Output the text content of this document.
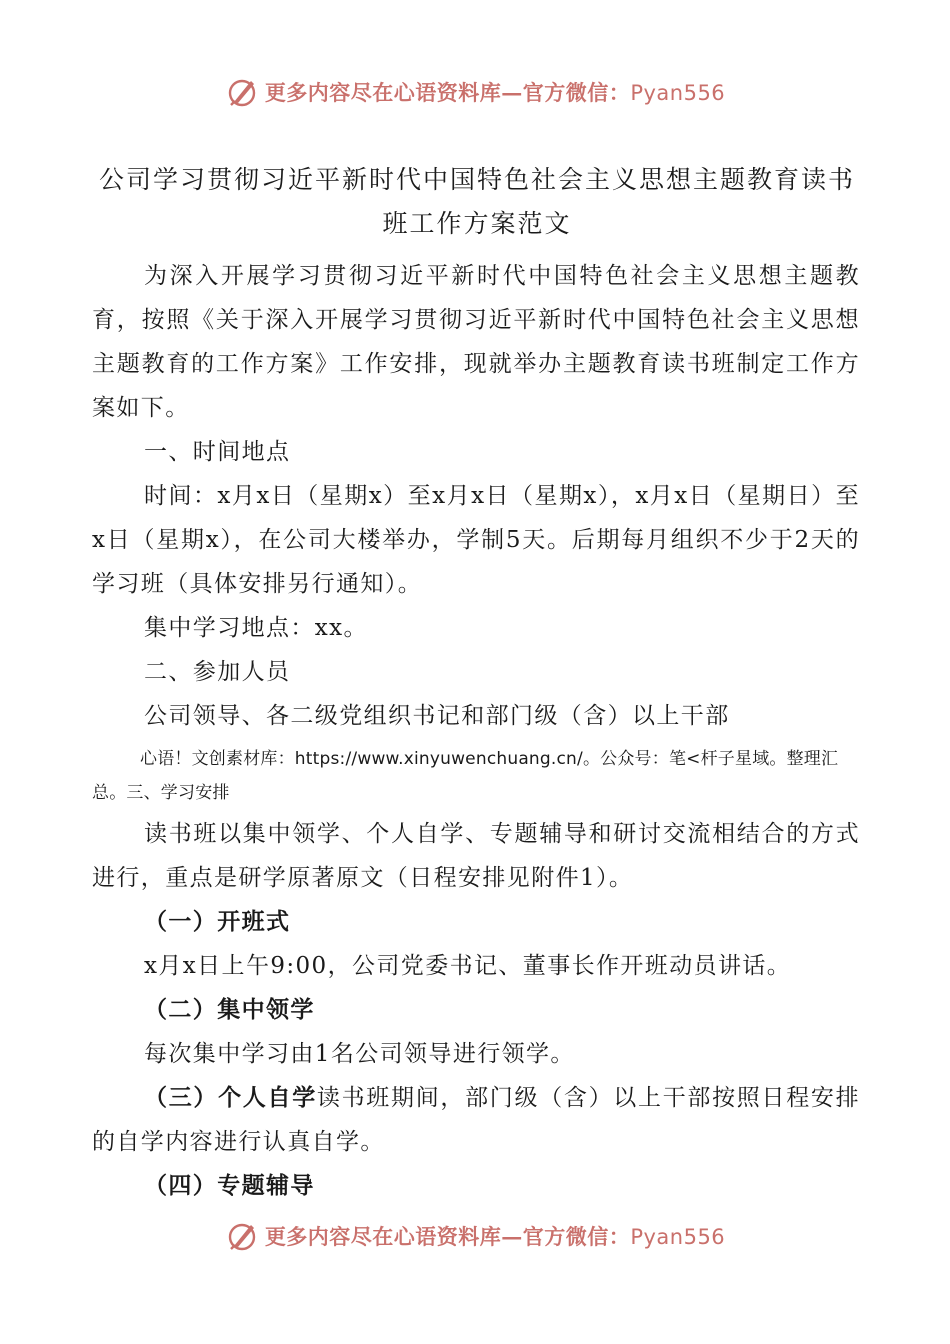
更多内容尽在心语资料库—官方微信：Pyan556
公司学习贯彻习近平新时代中国特色社会主义思想主题教育读书班工作方案范文

为深入开展学习贯彻习近平新时代中国特色社会主义思想主题教育，按照《关于深入开展学习贯彻习近平新时代中国特色社会主义思想主题教育的工作方案》工作安排，现就举办主题教育读书班制定工作方案如下。

一、时间地点

时间：x月x日（星期x）至x月x日（星期x），x月x日（星期日）至x日（星期x），在公司大楼举办，学制5天。后期每月组织不少于2天的学习班（具体安排另行通知）。

集中学习地点：xx。

二、参加人员

公司领导、各二级党组织书记和部门级（含）以上干部

心语！文创素材库：https://www.xinyuwenchuang.cn/。公众号：笔<杆子星域。整理汇总。三、学习安排

读书班以集中领学、个人自学、专题辅导和研讨交流相结合的方式进行，重点是研学原著原文（日程安排见附件1）。

（一）开班式

x月x日上午9:00，公司党委书记、董事长作开班动员讲话。

（二）集中领学

每次集中学习由1名公司领导进行领学。

（三）个人自学读书班期间，部门级（含）以上干部按照日程安排的自学内容进行认真自学。

（四）专题辅导

更多内容尽在心语资料库—官方微信：Pyan556
